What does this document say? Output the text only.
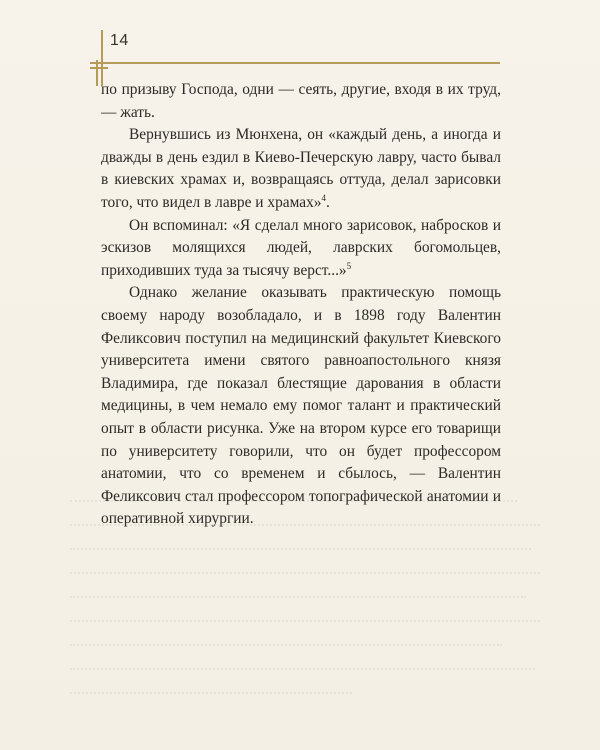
14

по призыву Господа, одни — сеять, другие, входя в их труд, — жать.

Вернувшись из Мюнхена, он «каждый день, а иногда и дважды в день ездил в Киево-Печерскую лавру, часто бывал в киевских храмах и, возвращаясь оттуда, делал зарисовки того, что видел в лавре и храмах»$^4$.

Он вспоминал: «Я сделал много зарисовок, набросков и эскизов молящихся людей, лаврских богомольцев, приходивших туда за тысячу верст...»$^5$

Однако желание оказывать практическую помощь своему народу возобладало, и в 1898 году Валентин Феликсович поступил на медицинский факультет Киевского университета имени святого равноапостольного князя Владимира, где показал блестящие дарования в области медицины, в чем немало ему помог талант и практический опыт в области рисунка. Уже на втором курсе его товарищи по университету говорили, что он будет профессором анатомии, что со временем и сбылось, — Валентин Феликсович стал профессором топографической анатомии и оперативной хирургии.
